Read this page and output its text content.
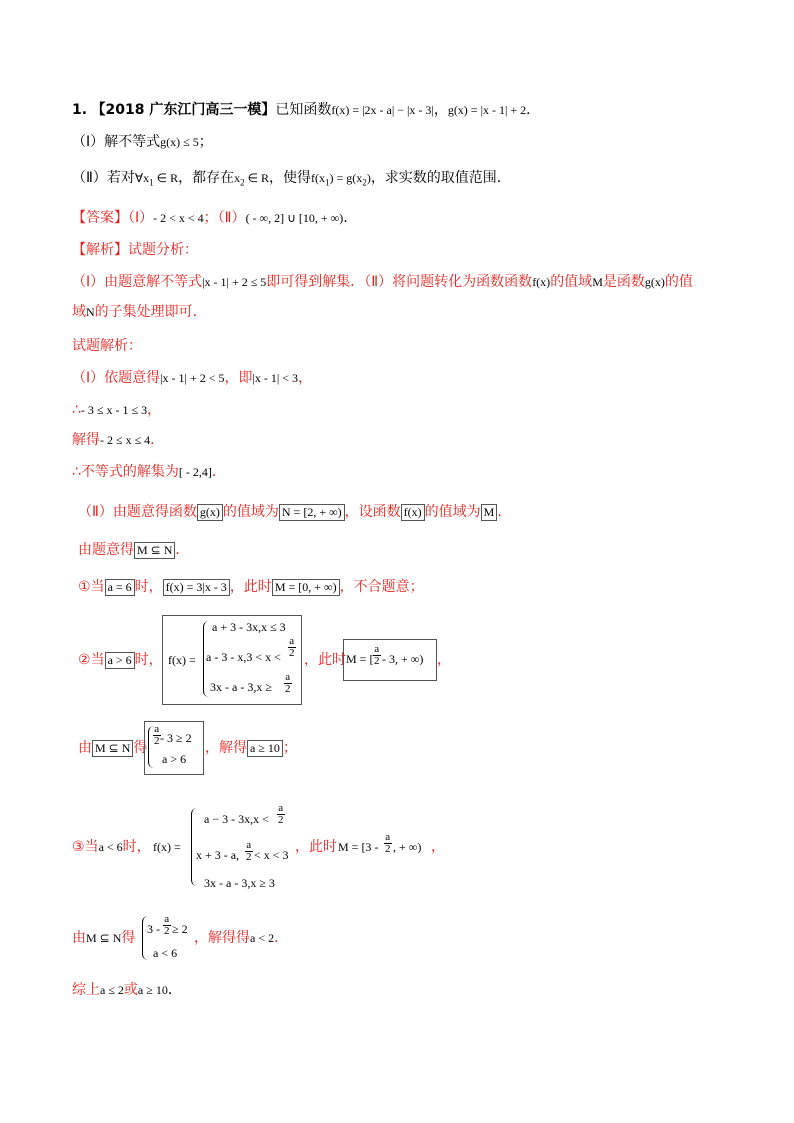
1. 【2018 广东江门高三一模】已知函数f(x) = |2x - a| − |x - 3|，g(x) = |x - 1| + 2．
（Ⅰ）解不等式g(x) ≤ 5；
（Ⅱ）若对$\forall x_1$ ∈ R，都存在$x_2$ ∈ R，使得$f(x_1) = g(x_2)$，求实数的取值范围．
【答案】（Ⅰ）- 2 < x < 4；（Ⅱ）( - ∞, 2] ∪ [10, + ∞).
【解析】试题分析：
（Ⅰ）由题意解不等式|x - 1| + 2 ≤ 5即可得到解集．（Ⅱ）将问题转化为函数函数f(x)的值域M是函数g(x)的值
域N的子集处理即可．
试题解析：
（Ⅰ）依题意得|x - 1| + 2 < 5，即|x - 1| < 3，
∴- 3 ≤ x - 1 ≤ 3，
解得- 2 ≤ x ≤ 4．
∴不等式的解集为[ - 2,4]．
（Ⅱ）由题意得函数 g(x) 的值域为 N = [2, + ∞) ，设函数 f(x) 的值域为 M ．
由题意得 M ⊆ N ．
①当 a = 6 时， f(x) = 3|x - 3 ，此时 M = [0, + ∞) ，不合题意；
②当 a > 6 时， f(x) =
a + 3 - 3x,x ≤ 3
$a - 3 - x,3 < x < \frac{a}{2}$
$3x - a - 3,x \ge \frac{a}{2}$
，此时 M = [ $\frac{a}{2} - 3$, + ∞) ，
由 M ⊆ N 得
$\frac{a}{2} - 3 \ge 2$
a > 6
，解得 a ≥ 10 ；
③当a < 6时， f(x) =
$a - 3 - 3x,x < \frac{a}{2}$
x + 3 - a, $\frac{a}{2} < x < 3$
3x - a - 3,x ≥ 3
，此时 $M = [3 - \frac{a}{2}$ , + ∞) ，
由M ⊆ N得
$3 - \frac{a}{2} \ge 2$
a < 6
，解得得a < 2．
综上a ≤ 2或a ≥ 10．
